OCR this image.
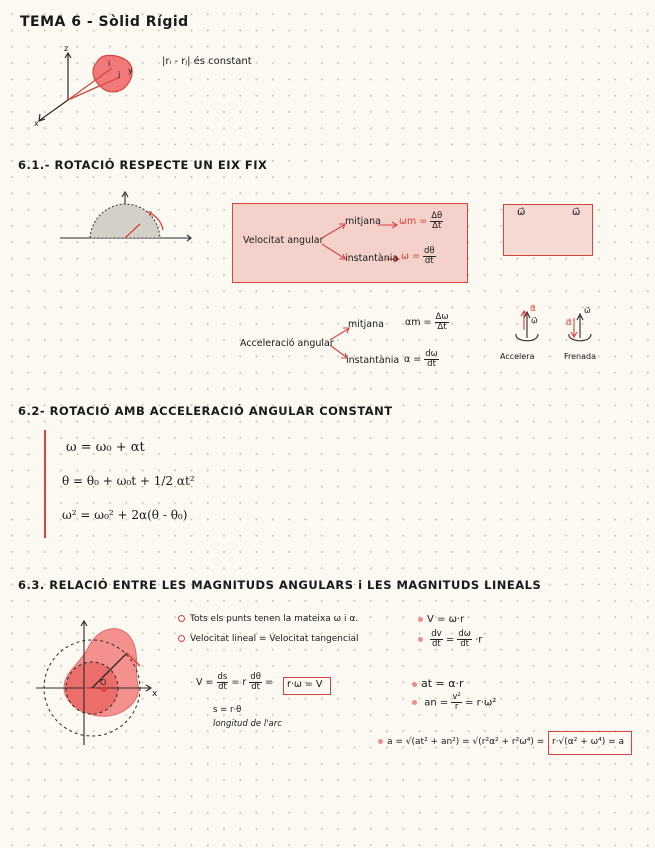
TEMA 6 - Sòlid Rígid
|rᵢ - rⱼ| és constant
z
y
x
i
j
6.1.- ROTACIÓ RESPECTE UN EIX FIX
Velocitat angular
mitjana $\omega m = \frac{\Delta\theta}{\Delta t}$
instantània $\omega = \frac{d\theta}{dt}$
ω⃗	ω⃗
Acceleració angular
mitjana $\alpha m = \frac{\Delta\omega}{\Delta t}$
instantània $\alpha = \frac{d\omega}{dt}$
α⃗
ω⃗	α⃗
ω⃗
Accelera	Frenada
6.2- ROTACIÓ AMB ACCELERACIÓ ANGULAR CONSTANT
ω = ω₀ + αt
θ = θ₀ + ω₀t + 1/2 αt²
ω² = ω₀² + 2α(θ - θ₀)
6.3. RELACIÓ ENTRE LES MAGNITUDS ANGULARS i LES MAGNITUDS LINEALS
O
x
Tots els punts tenen la mateixa ω i α.
Velocitat lineal = Velocitat tangencial
$V = \frac{ds}{dt} = r \frac{d\theta}{dt} = r\cdot\omega = V$
s = r·θ
longitud de l'arc
V = ω·r

$\frac{dv}{dt} = \frac{d\omega}{dt} \cdot r$
at = α·r
an = $\frac{\text{v²}}{r} = r\cdot\omega^2$
a = √(at² + an²) = √(r²α² + r²ω⁴) = r·√(α² + ω⁴) = a
